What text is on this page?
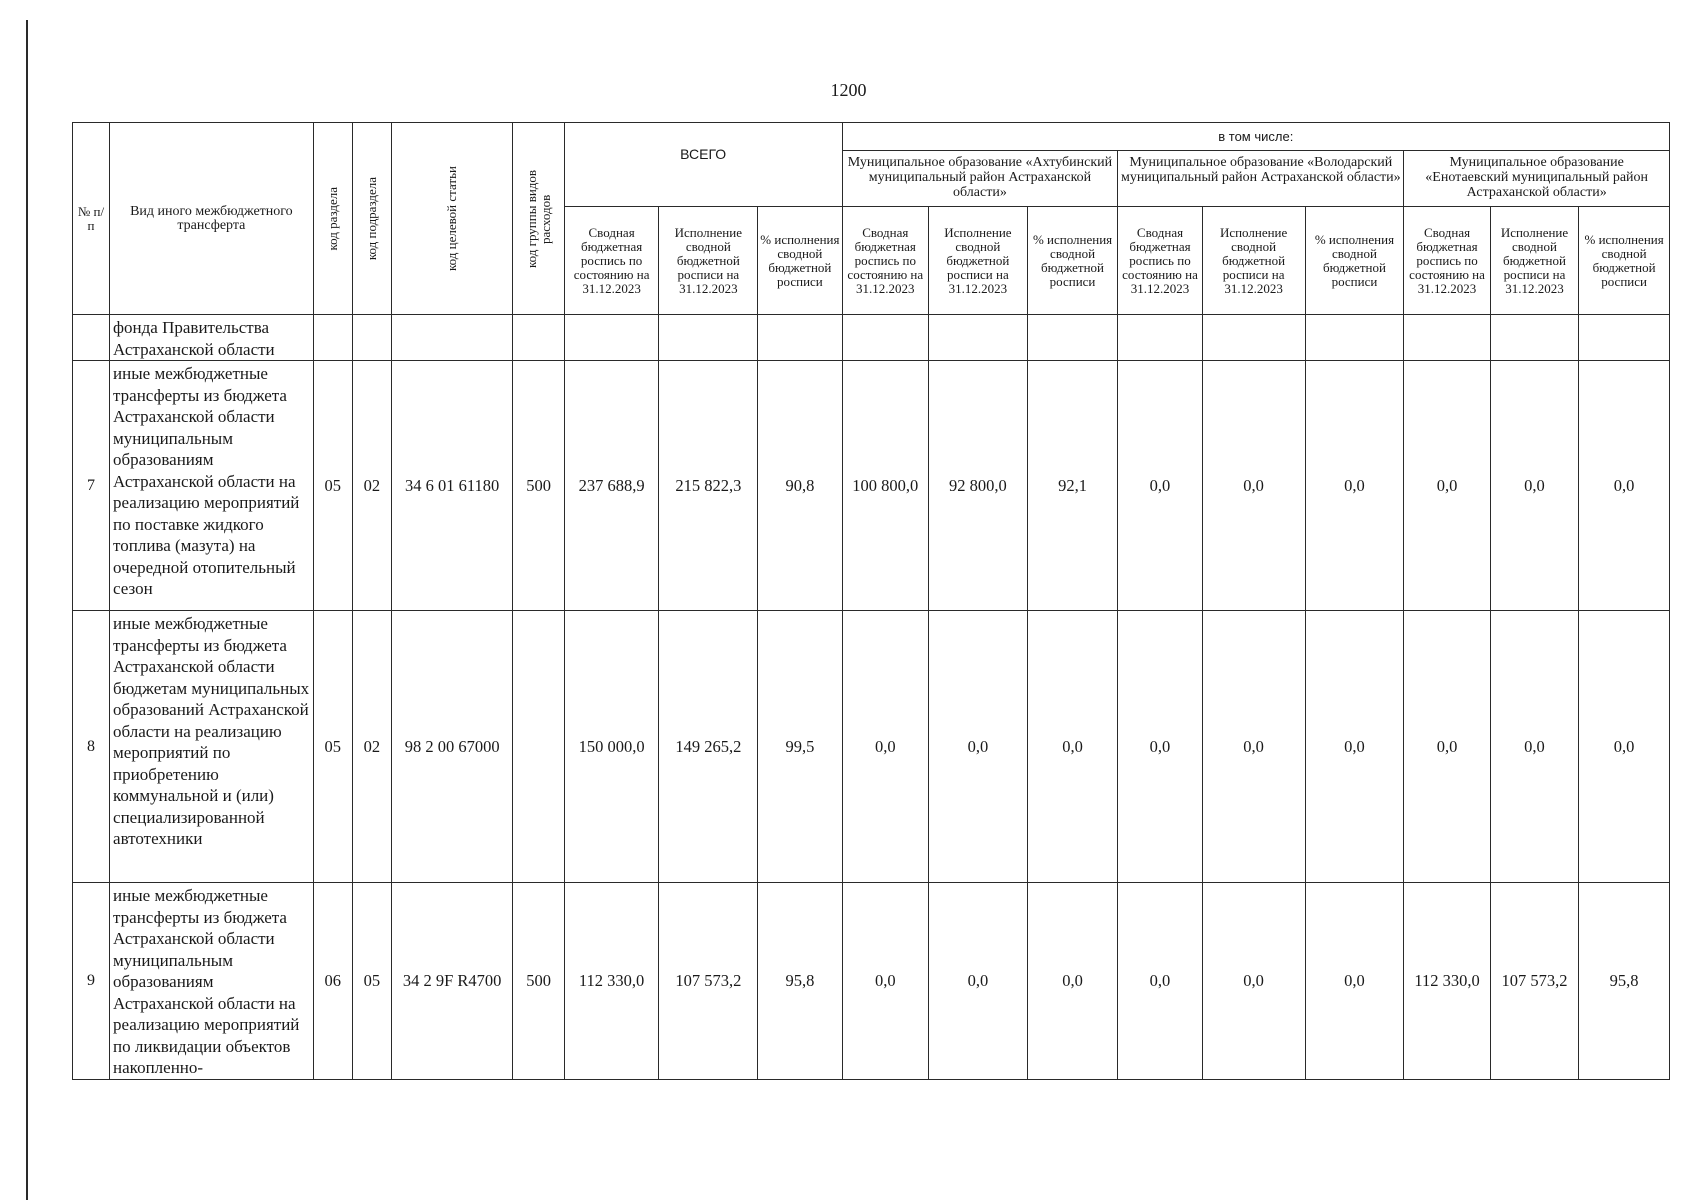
1200
№ п/п	Вид иного межбюджетного трансферта	код раздела	код подраздела	код целевой статьи	код группы видов расходов	ВСЕГО			в том числе:								
									Муниципальное образование «Ахтубинский муниципальный район Астраханской области»			Муниципальное образование «Володарский муниципальный район Астраханской области»			Муниципальное образование «Енотаевский муниципальный район Астраханской области»		
						Сводная бюджетная роспись по состоянию на 31.12.2023	Исполнение сводной бюджетной росписи на 31.12.2023	% исполнения сводной бюджетной росписи	Сводная бюджетная роспись по состоянию на 31.12.2023	Исполнение сводной бюджетной росписи на 31.12.2023	% исполнения сводной бюджетной росписи	Сводная бюджетная роспись по состоянию на 31.12.2023	Исполнение сводной бюджетной росписи на 31.12.2023	% исполнения сводной бюджетной росписи	Сводная бюджетная роспись по состоянию на 31.12.2023	Исполнение сводной бюджетной росписи на 31.12.2023	% исполнения сводной бюджетной росписи
	фонда Правительства Астраханской области																
7	иные межбюджетные трансферты из бюджета Астраханской области муниципальным образованиям Астраханской области на реализацию мероприятий по поставке жидкого топлива (мазута) на очередной отопительный сезон	05	02	34 6 01 61180	500	237 688,9	215 822,3	90,8	100 800,0	92 800,0	92,1	0,0	0,0	0,0	0,0	0,0	0,0
8	иные межбюджетные трансферты из бюджета Астраханской области бюджетам муниципальных образований Астраханской области на реализацию мероприятий по приобретению коммунальной и (или) специализированной автотехники	05	02	98 2 00 67000		150 000,0	149 265,2	99,5	0,0	0,0	0,0	0,0	0,0	0,0	0,0	0,0	0,0
9	иные межбюджетные трансферты из бюджета Астраханской области муниципальным образованиям Астраханской области на реализацию мероприятий по ликвидации объектов накопленно-	06	05	34 2 9F R4700	500	112 330,0	107 573,2	95,8	0,0	0,0	0,0	0,0	0,0	0,0	112 330,0	107 573,2	95,8
